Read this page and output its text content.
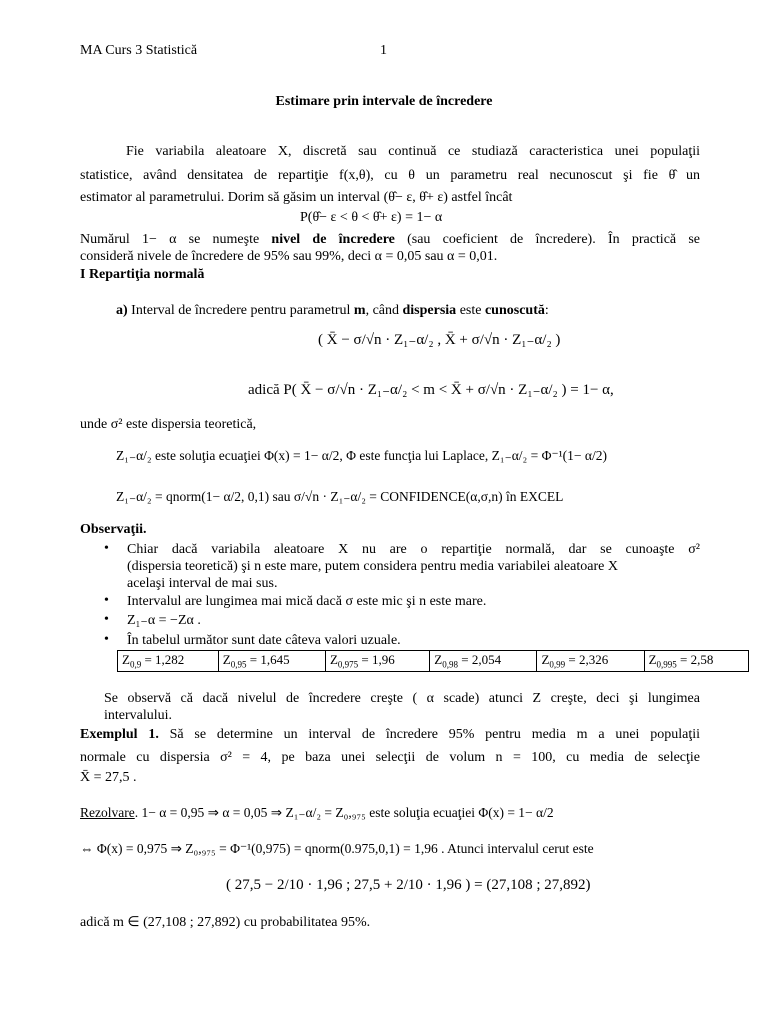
MA Curs 3 Statistică	1
Estimare prin intervale de încredere
Fie variabila aleatoare X, discretă sau continuă ce studiază caracteristica unei populaţii
statistice, având densitatea de repartiţie f(x,θ), cu θ un parametru real necunoscut şi fie θ̂ un
estimator al parametrului. Dorim să găsim un interval (θ̂− ε, θ̂+ ε) astfel încât
P(θ̂− ε < θ < θ̂+ ε) = 1− α
Numărul 1− α se numeşte nivel de încredere (sau coeficient de încredere). În practică se
consideră nivele de încredere de 95% sau 99%, deci α = 0,05 sau α = 0,01.
I Repartiţia normală
a) Interval de încredere pentru parametrul m, când dispersia este cunoscută:
( X̄ − σ/√n · Z₁₋α/₂ , X̄ + σ/√n · Z₁₋α/₂ )
adică P( X̄ − σ/√n · Z₁₋α/₂ < m < X̄ + σ/√n · Z₁₋α/₂ ) = 1− α,
unde σ² este dispersia teoretică,
Z₁₋α/₂ este soluţia ecuaţiei Φ(x) = 1− α/2, Φ este funcţia lui Laplace, Z₁₋α/₂ = Φ⁻¹(1− α/2)
Z₁₋α/₂ = qnorm(1− α/2, 0,1) sau σ/√n · Z₁₋α/₂ = CONFIDENCE(α,σ,n) în EXCEL
Observaţii.
• Chiar dacă variabila aleatoare X nu are o repartiţie normală, dar se cunoaşte σ²
(dispersia teoretică) şi n este mare, putem considera pentru media variabilei aleatoare X
acelaşi interval de mai sus.
• Intervalul are lungimea mai mică dacă σ este mic şi n este mare.
• Z₁₋α = −Zα .
• În tabelul următor sunt date câteva valori uzuale.
$Z_{0,9} = 1,282$	$Z_{0,95} = 1,645$	$Z_{0,975} = 1,96$	$Z_{0,98} = 2,054$	$Z_{0,99} = 2,326$	$Z_{0,995} = 2,58$
Se observă că dacă nivelul de încredere creşte ( α scade) atunci Z creşte, deci şi lungimea
intervalului.
Exemplul 1. Să se determine un interval de încredere 95% pentru media m a unei populaţii
normale cu dispersia σ² = 4, pe baza unei selecţii de volum n = 100, cu media de selecţie
X̄ = 27,5 .
Rezolvare. 1− α = 0,95 ⇒ α = 0,05 ⇒ Z₁₋α/₂ = Z₀,₉₇₅ este soluţia ecuaţiei Φ(x) = 1− α/2
⇔ Φ(x) = 0,975 ⇒ Z₀,₉₇₅ = Φ⁻¹(0,975) = qnorm(0.975,0,1) = 1,96 . Atunci intervalul cerut este
( 27,5 − 2/10 · 1,96 ; 27,5 + 2/10 · 1,96 ) = (27,108 ; 27,892)
adică m ∈ (27,108 ; 27,892) cu probabilitatea 95%.
